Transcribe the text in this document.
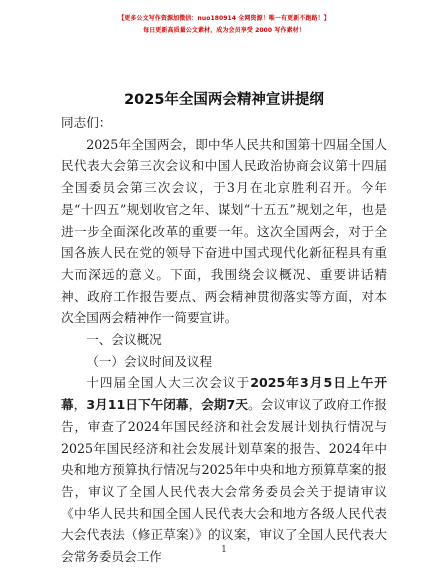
【更多公文写作资源加微信：nuo180914 全网资源！唯一有更新不跑路！】
每日更新高质量公文素材，成为会员享受 2000 写作素材！
2025年全国两会精神宣讲提纲

同志们：

2025年全国两会，即中华人民共和国第十四届全国人民代表大会第三次会议和中国人民政治协商会议第十四届全国委员会第三次会议，于3月在北京胜利召开。今年是“十四五”规划收官之年、谋划“十五五”规划之年，也是进一步全面深化改革的重要一年。这次全国两会，对于全国各族人民在党的领导下奋进中国式现代化新征程具有重大而深远的意义。下面，我围绕会议概况、重要讲话精神、政府工作报告要点、两会精神贯彻落实等方面，对本次全国两会精神作一简要宣讲。

一、会议概况

（一）会议时间及议程

十四届全国人大三次会议于2025年3月5日上午开幕，3月11日下午闭幕，会期7天。会议审议了政府工作报告，审查了2024年国民经济和社会发展计划执行情况与2025年国民经济和社会发展计划草案的报告、2024年中央和地方预算执行情况与2025年中央和地方预算草案的报告，审议了全国人民代表大会常务委员会关于提请审议《中华人民共和国全国人民代表大会和地方各级人民代表大会代表法（修正草案）》的议案，审议了全国人民代表大会常务委员会工作	1
